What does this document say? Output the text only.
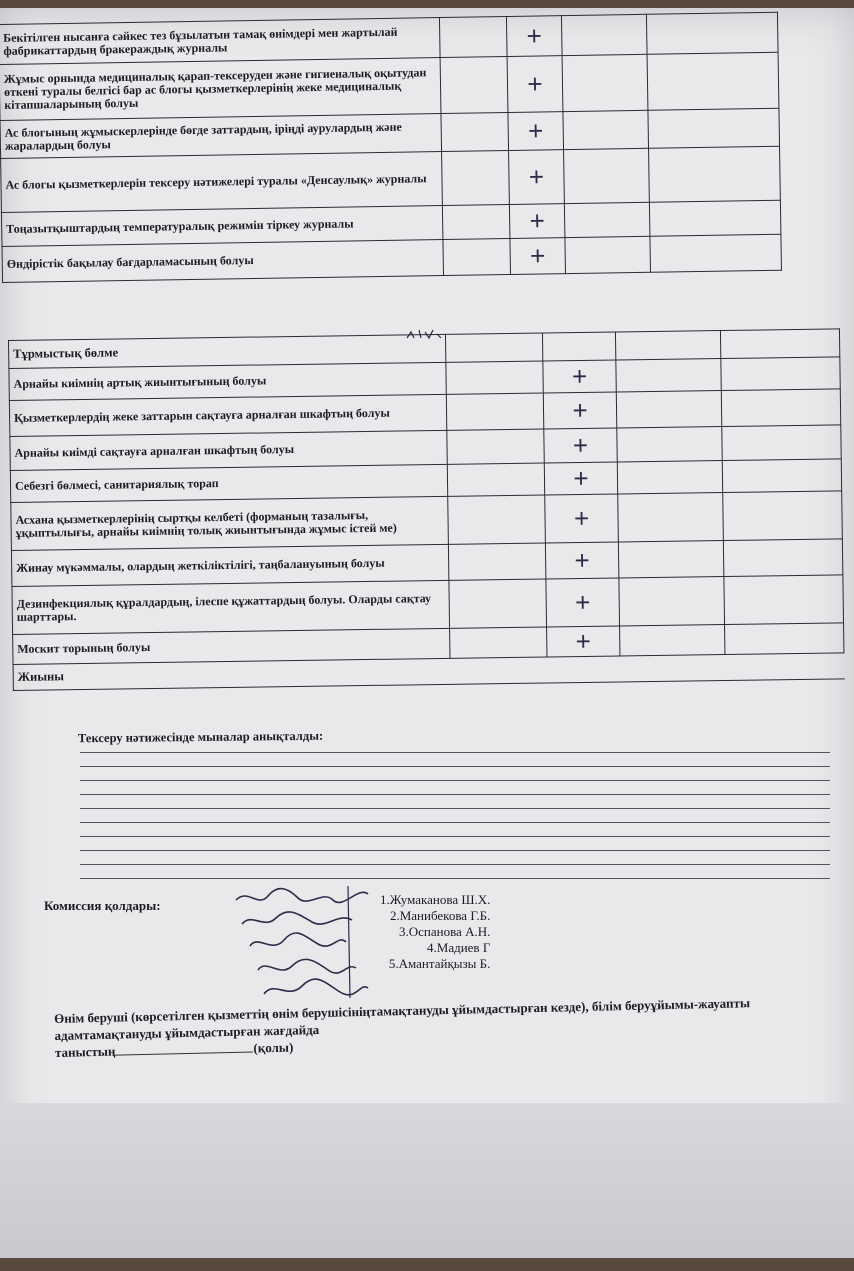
Бекітілген нысанға сәйкес тез бұзылатын тамақ өнімдері мен жартылай фабрикаттардың бракераждық журналы		+		
Жұмыс орнында медициналық қарап-тексеруден және гигиеналық оқытудан өткені туралы белгісі бар ас блогы қызметкерлерінің жеке медициналық кітапшаларының болуы		+		
Ас блогының жұмыскерлерінде бөгде заттардың, іріңді аурулардың және жаралардың болуы		+		
Ас блогы қызметкерлерін тексеру нәтижелері туралы «Денсаулық» журналы		+		
Тоңазытқыштардың температуралық режимін тіркеу журналы		+		
Өндірістік бақылау бағдарламасының болуы		+		
Тұрмыстық бөлме				
Арнайы киімнің артық жиынтығының болуы		+		
Қызметкерлердің жеке заттарын сақтауға арналған шкафтың болуы		+		
Арнайы киімді сақтауға арналған шкафтың болуы		+		
Себезгі бөлмесі, санитариялық торап		+		
Асхана қызметкерлерінің сыртқы келбеті (форманың тазалығы, ұқыптылығы, арнайы киімнің толық жиынтығында жұмыс істей ме)		+		
Жинау мүкәммалы, олардың жеткіліктілігі, таңбалануының болуы		+		
Дезинфекциялық құралдардың, ілеспе құжаттардың болуы. Оларды сақтау шарттары.		+		
Москит торының болуы		+		
Жиыны				
Тексеру нәтижесінде мыналар анықталды:
Комиссия қолдары:	1.Жумаканова Ш.Х.
2.Манибекова Г.Б.
3.Оспанова А.Н.
4.Мадиев Г
5.Амантайқызы Б.
Өнім беруші (көрсетілген қызметтің өнім берушісініңтамақтануды ұйымдастырған кезде), білім беруұйымы-жауапты
адамтамақтануды ұйымдастырған жағдайда
таныстың	(қолы)
